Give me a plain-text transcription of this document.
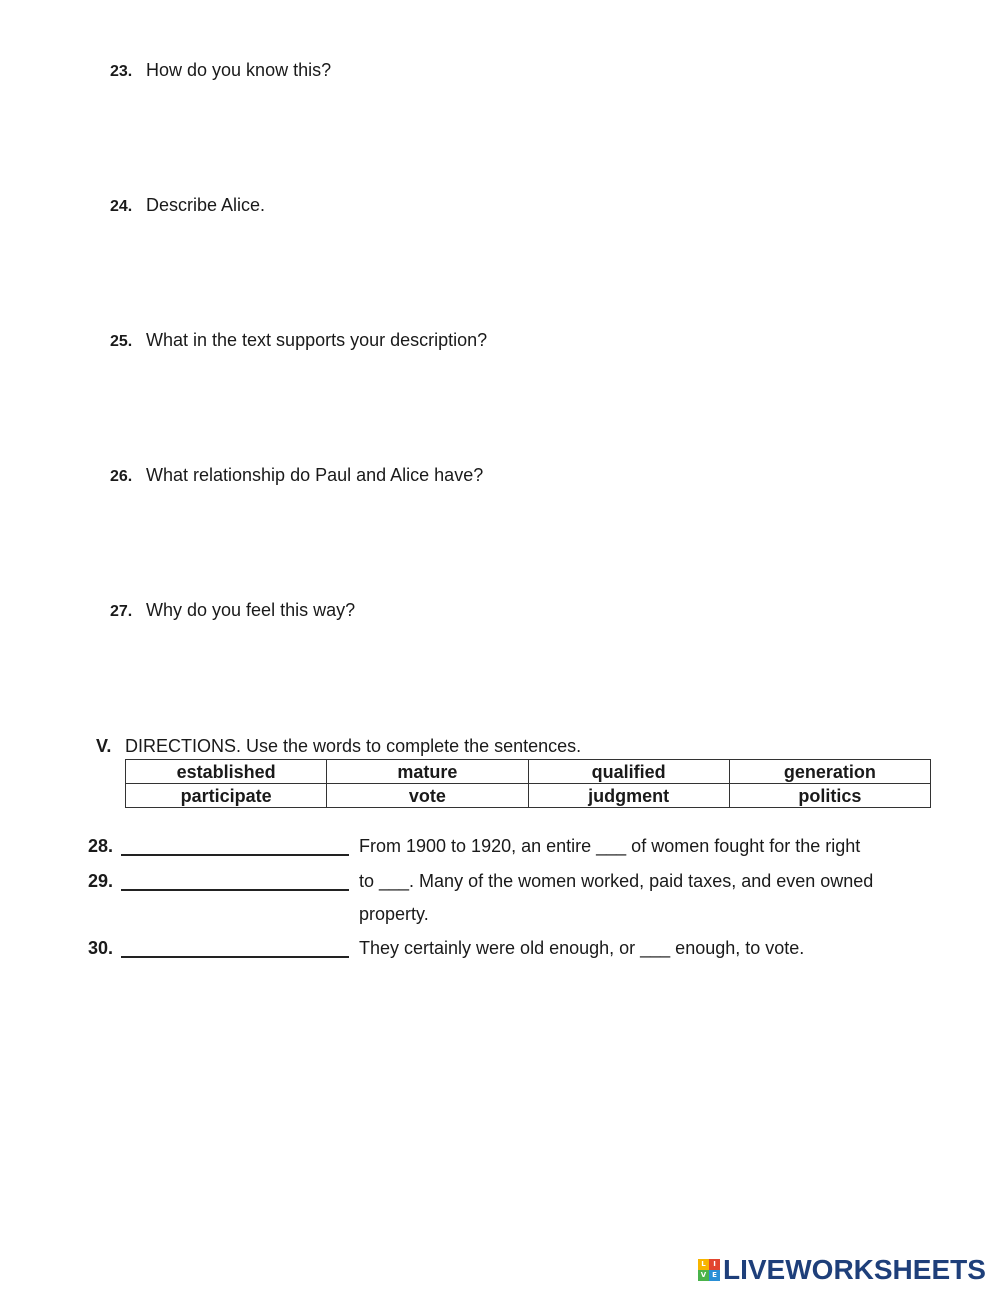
23. How do you know this?
24. Describe Alice.
25. What in the text supports your description?
26. What relationship do Paul and Alice have?
27. Why do you feel this way?
V. DIRECTIONS. Use the words to complete the sentences.
established	mature	qualified	generation
participate	vote	judgment	politics
28.	From 1900 to 1920, an entire ___ of women fought for the right
29.	to ___. Many of the women worked, paid taxes, and even owned
property.
30.	They certainly were old enough, or ___ enough, to vote.
L	I
V E LIVEWORKSHEETS
